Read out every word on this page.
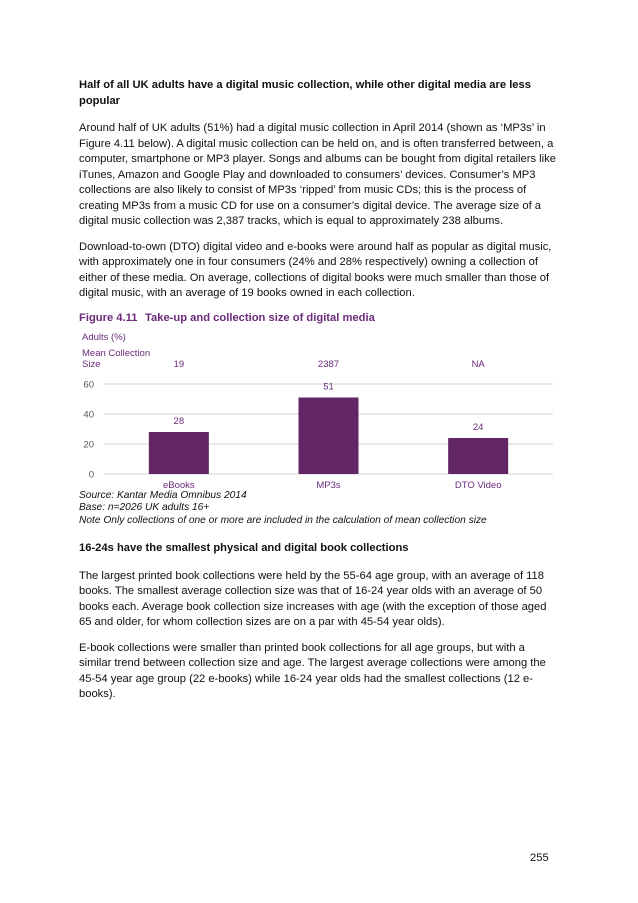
Half of all UK adults have a digital music collection, while other digital media are less popular

Around half of UK adults (51%) had a digital music collection in April 2014 (shown as ‘MP3s’ in Figure 4.11 below). A digital music collection can be held on, and is often transferred between, a computer, smartphone or MP3 player. Songs and albums can be bought from digital retailers like iTunes, Amazon and Google Play and downloaded to consumers’ devices. Consumer’s MP3 collections are also likely to consist of MP3s ‘ripped’ from music CDs; this is the process of creating MP3s from a music CD for use on a consumer’s digital device. The average size of a digital music collection was 2,387 tracks, which is equal to approximately 238 albums.

Download-to-own (DTO) digital video and e-books were around half as popular as digital music, with approximately one in four consumers (24% and 28% respectively) owning a collection of either of these media. On average, collections of digital books were much smaller than those of digital music, with an average of 19 books owned in each collection.

Figure 4.11 Take-up and collection size of digital media

Adults (%)
Mean Collection
Size
0
20
40
60
28
eBooks
19
51
MP3s
2387
24
DTO Video
NA

Source: Kantar Media Omnibus 2014

Base: n=2026 UK adults 16+

Note Only collections of one or more are included in the calculation of mean collection size

16-24s have the smallest physical and digital book collections

The largest printed book collections were held by the 55-64 age group, with an average of 118 books. The smallest average collection size was that of 16-24 year olds with an average of 50 books each. Average book collection size increases with age (with the exception of those aged 65 and older, for whom collection sizes are on a par with 45-54 year olds).

E-book collections were smaller than printed book collections for all age groups, but with a similar trend between collection size and age. The largest average collections were among the 45-54 year age group (22 e-books) while 16-24 year olds had the smallest collections (12 e-books).

255
